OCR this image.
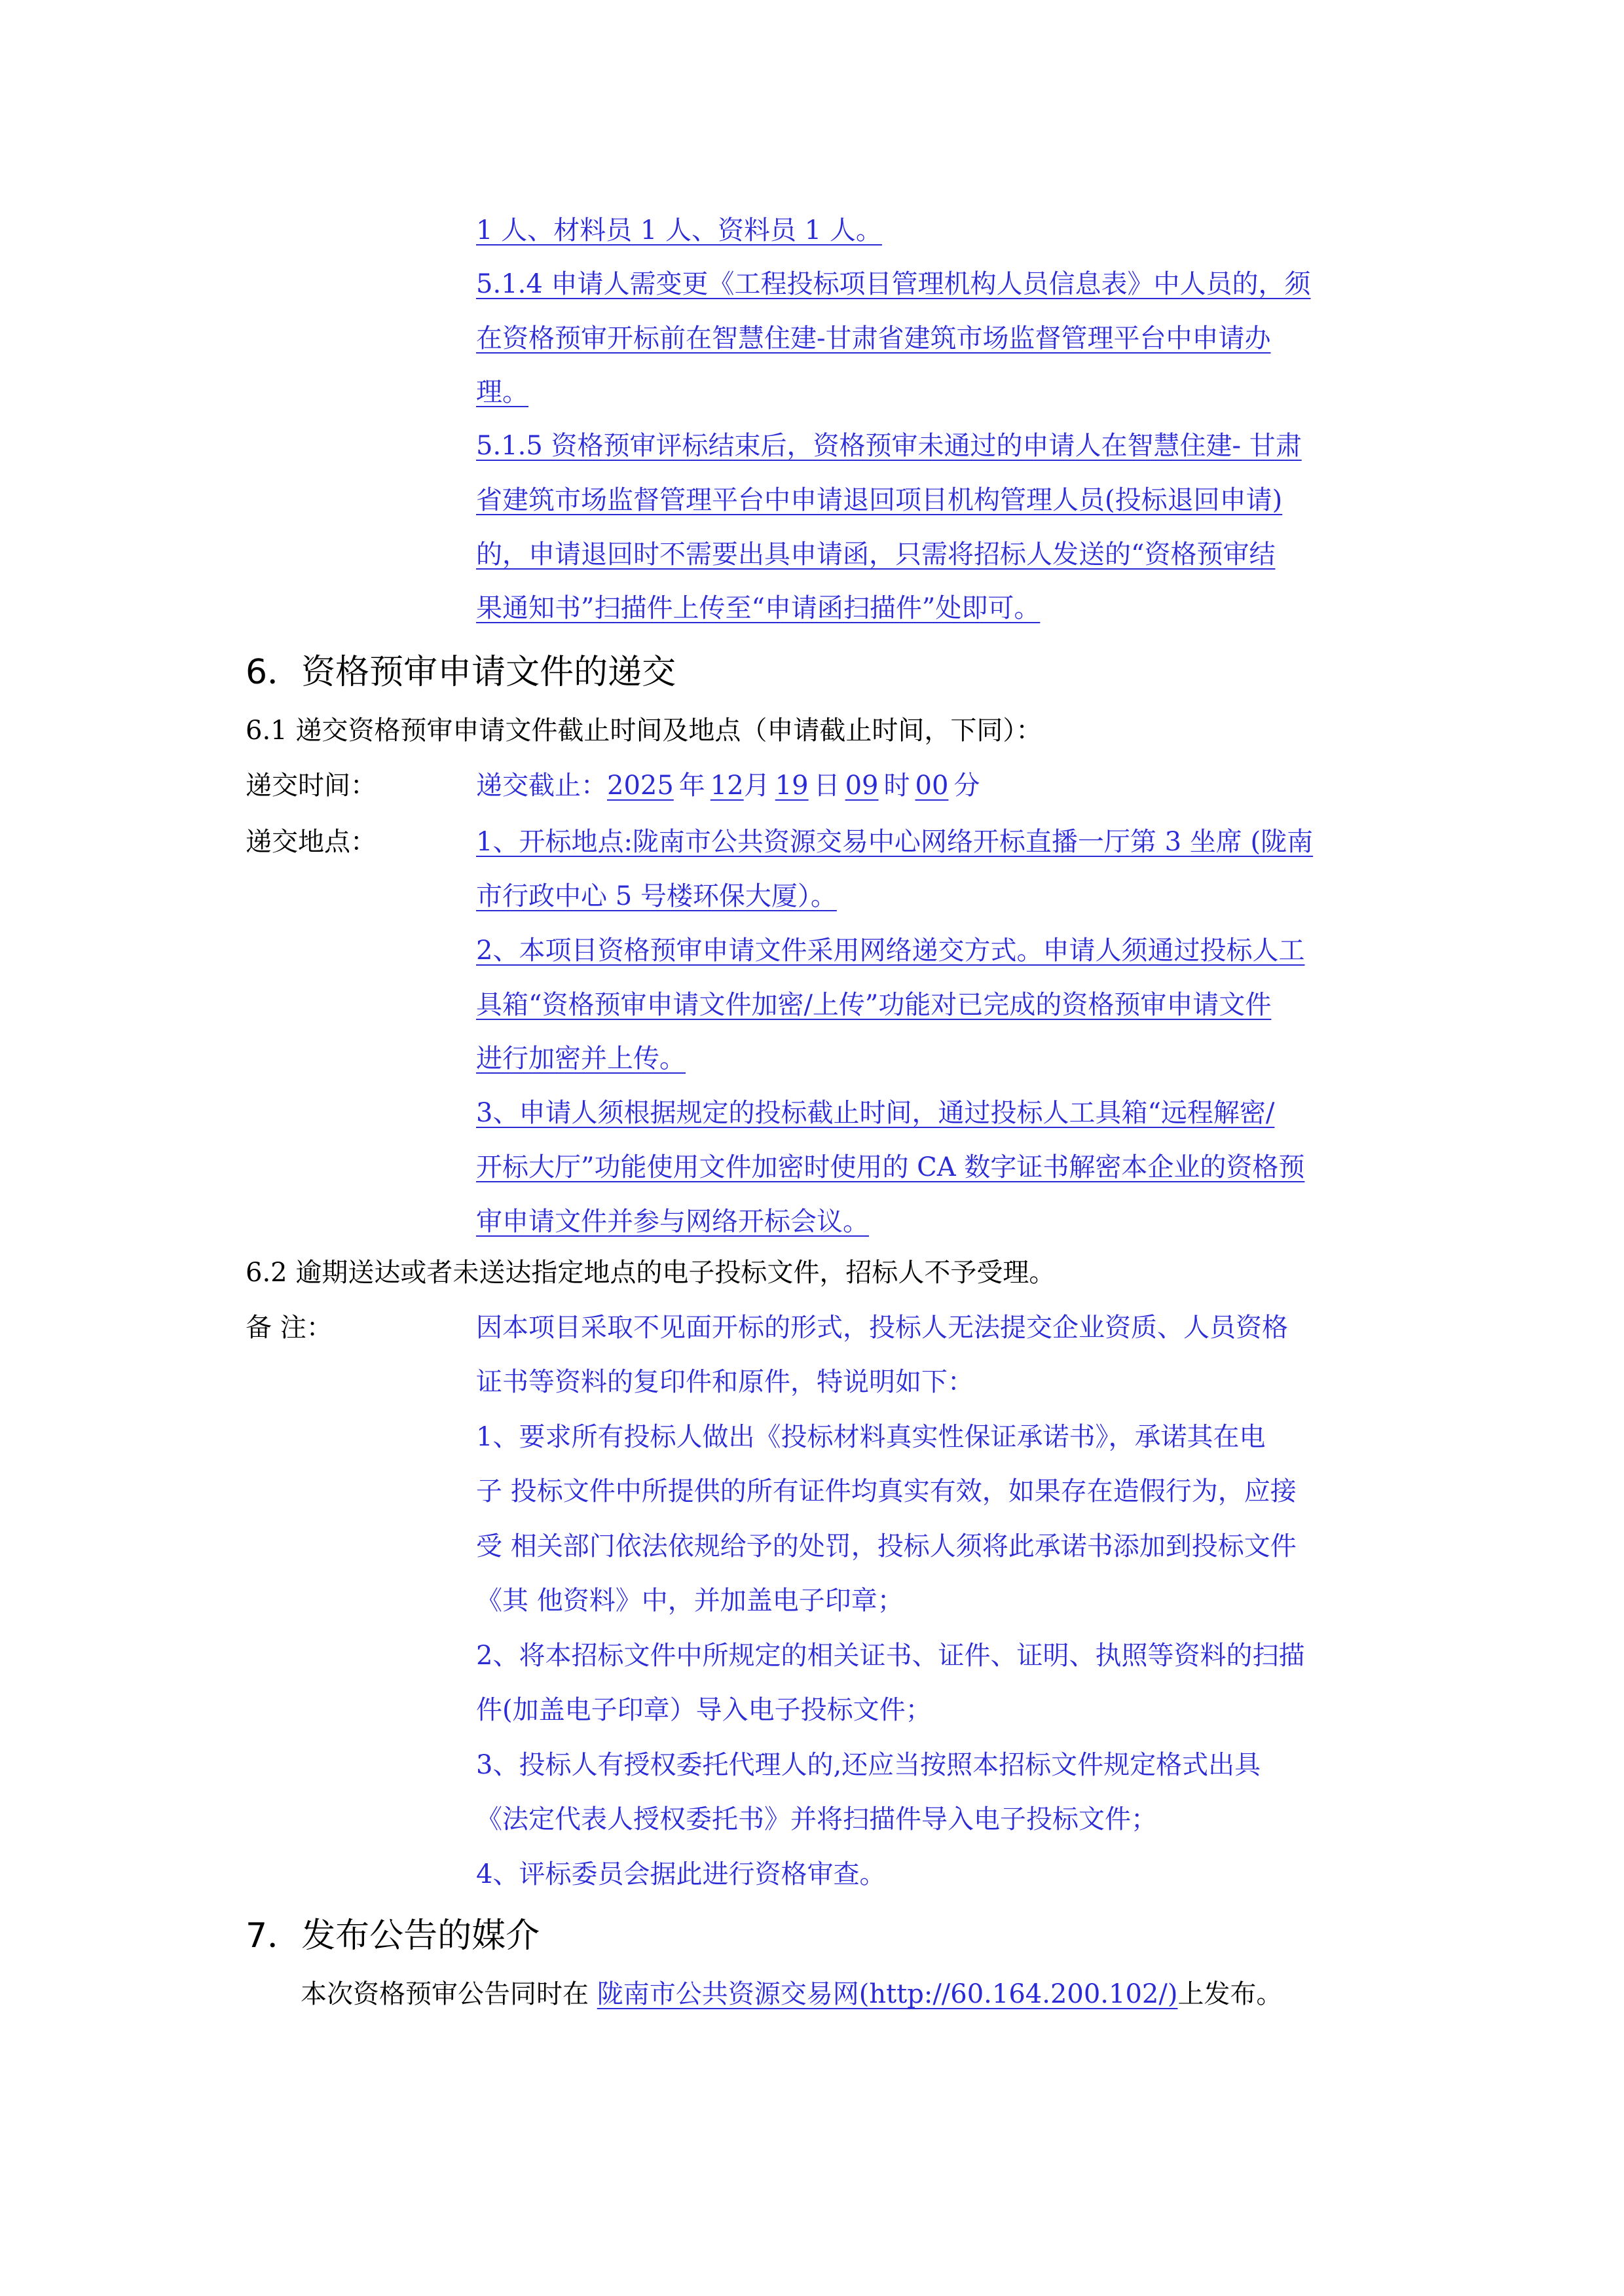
1 人、材料员 1 人、资料员 1 人。
5.1.4 申请人需变更《工程投标项目管理机构人员信息表》中人员的，须
在资格预审开标前在智慧住建-甘肃省建筑市场监督管理平台中申请办
理。
5.1.5 资格预审评标结束后，资格预审未通过的申请人在智慧住建- 甘肃
省建筑市场监督管理平台中申请退回项目机构管理人员(投标退回申请)
的，申请退回时不需要出具申请函，只需将招标人发送的“资格预审结
果通知书”扫描件上传至“申请函扫描件”处即可。
6．资格预审申请文件的递交
6.1 递交资格预审申请文件截止时间及地点（申请截止时间，下同）：
递交时间：	递交截止：2025 年 12月 19 日 09 时 00 分
递交地点：	1、开标地点:陇南市公共资源交易中心网络开标直播一厅第 3 坐席 (陇南
市行政中心 5 号楼环保大厦）。
2、本项目资格预审申请文件采用网络递交方式。申请人须通过投标人工
具箱“资格预审申请文件加密/上传”功能对已完成的资格预审申请文件
进行加密并上传。
3、申请人须根据规定的投标截止时间，通过投标人工具箱“远程解密/
开标大厅”功能使用文件加密时使用的 CA 数字证书解密本企业的资格预
审申请文件并参与网络开标会议。
6.2 逾期送达或者未送达指定地点的电子投标文件，招标人不予受理。
备 注：	因本项目采取不见面开标的形式，投标人无法提交企业资质、人员资格
证书等资料的复印件和原件，特说明如下：
1、要求所有投标人做出《投标材料真实性保证承诺书》，承诺其在电
子 投标文件中所提供的所有证件均真实有效，如果存在造假行为，应接
受 相关部门依法依规给予的处罚，投标人须将此承诺书添加到投标文件
《其 他资料》中，并加盖电子印章；
2、将本招标文件中所规定的相关证书、证件、证明、执照等资料的扫描
件(加盖电子印章）导入电子投标文件；
3、投标人有授权委托代理人的,还应当按照本招标文件规定格式出具
《法定代表人授权委托书》并将扫描件导入电子投标文件；
4、评标委员会据此进行资格审查。
7．发布公告的媒介
本次资格预审公告同时在 陇南市公共资源交易网(http://60.164.200.102/)上发布。
